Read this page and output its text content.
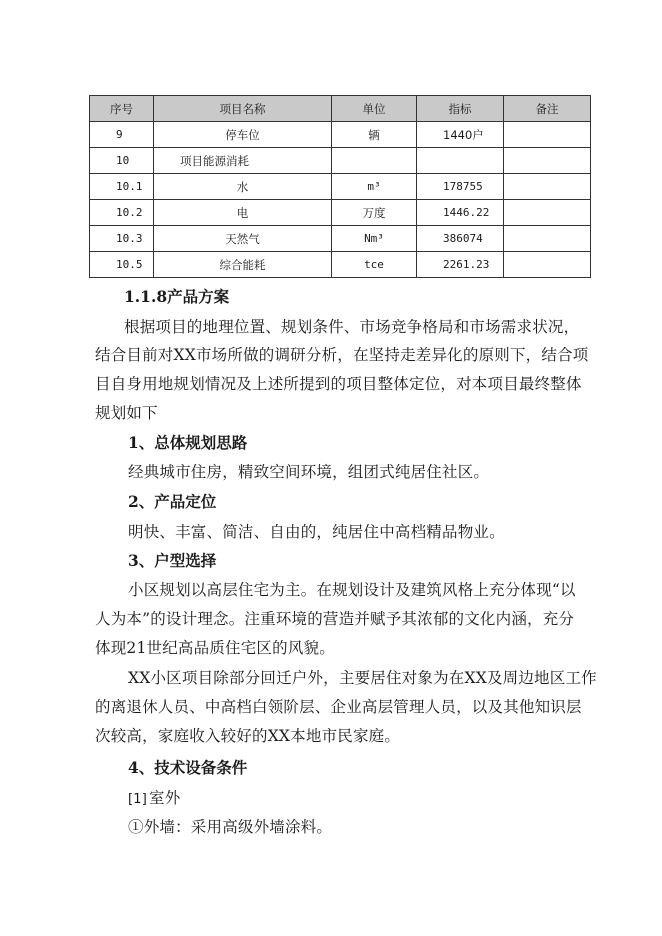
序号	项目名称	单位	指标	备注
9	停车位	辆	1440户	
10	项目能源消耗			
10.1	水	m³	178755	
10.2	电	万度	1446.22	
10.3	天然气	Nm³	386074	
10.5	综合能耗	tce	2261.23	

1.1.8产品方案

根据项目的地理位置、规划条件、市场竞争格局和市场需求状况，

结合目前对XX市场所做的调研分析，在坚持走差异化的原则下，结合项

目自身用地规划情况及上述所提到的项目整体定位，对本项目最终整体

规划如下

1、总体规划思路

经典城市住房，精致空间环境，组团式纯居住社区。

2、产品定位

明快、丰富、简洁、自由的，纯居住中高档精品物业。

3、户型选择

小区规划以高层住宅为主。在规划设计及建筑风格上充分体现“以

人为本”的设计理念。注重环境的营造并赋予其浓郁的文化内涵，充分

体现21世纪高品质住宅区的风貌。

XX小区项目除部分回迁户外，主要居住对象为在XX及周边地区工作

的离退休人员、中高档白领阶层、企业高层管理人员，以及其他知识层

次较高，家庭收入较好的XX本地市民家庭。

4、技术设备条件

[1] 室外

①外墙：采用高级外墙涂料。
